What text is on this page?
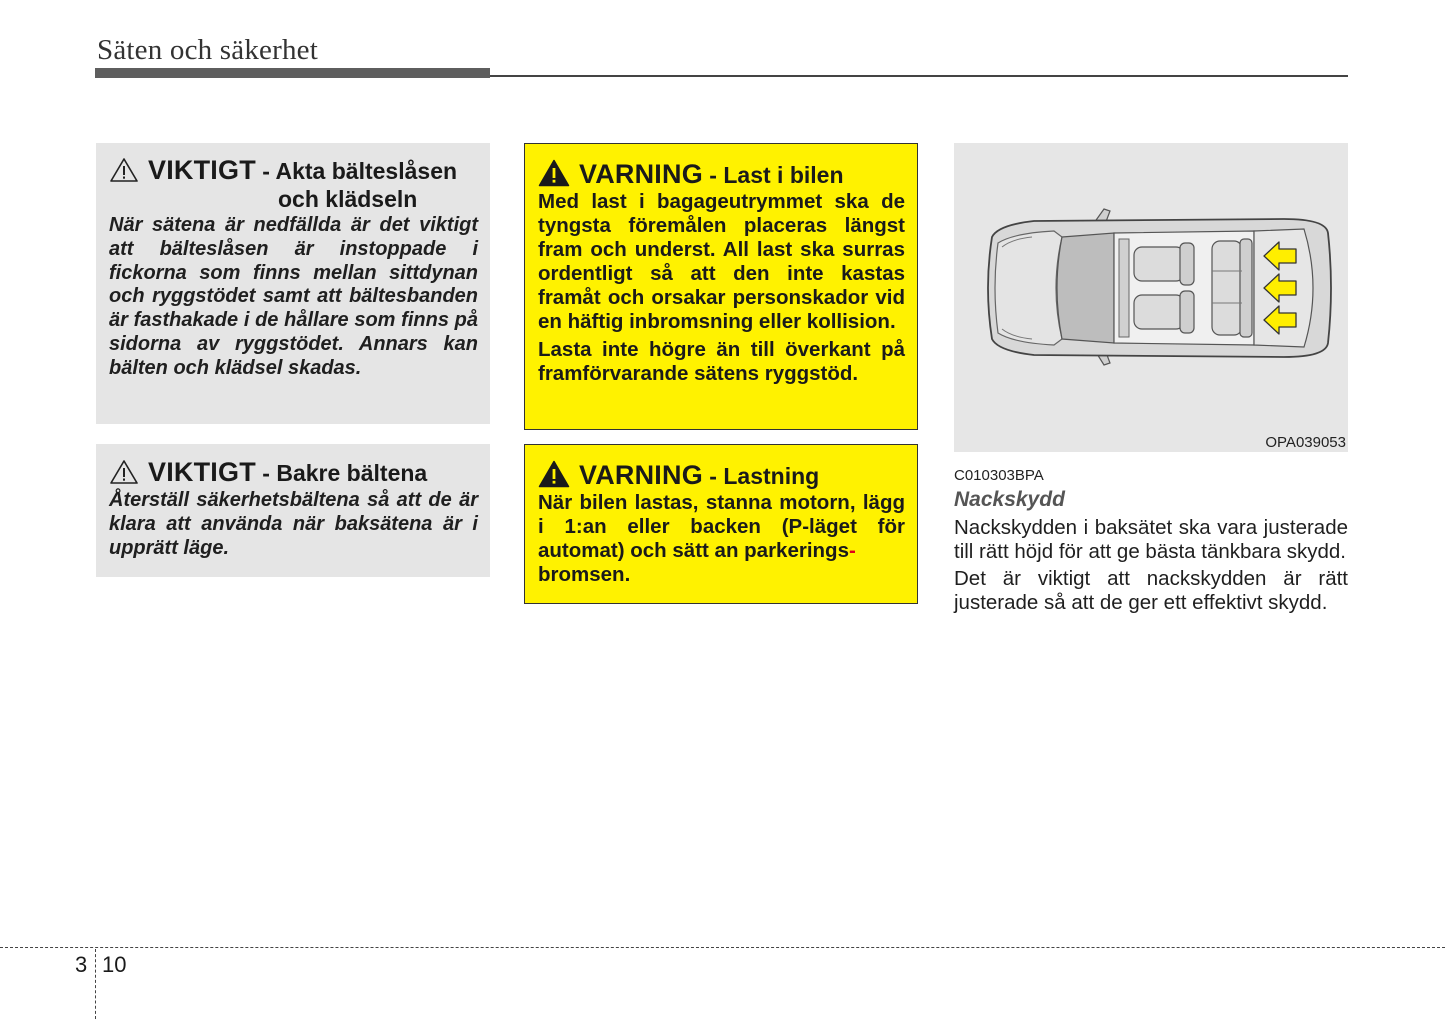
Säten och säkerhet
VIKTIGT - Akta bälteslåsen
och klädseln

När sätena är nedfällda är det viktigt att bälteslåsen är instoppade i fickorna som finns mellan sittdynan och ryggstödet samt att bältesbanden är fasthakade i de hållare som finns på sidorna av ryggstödet. Annars kan bälten och klädsel skadas.

VIKTIGT - Bakre bältena

Återställ säkerhetsbältena så att de är klara att använda när baksätena är i upprätt läge.

VARNING - Last i bilen

Med last i bagageutrymmet ska de tyngsta föremålen placeras längst fram och underst. All last ska surras ordentligt så att den inte kastas framåt och orsakar personskador vid en häftig inbromsning eller kollision.

Lasta inte högre än till överkant på framförvarande sätens ryggstöd.

VARNING - Lastning

När bilen lastas, stanna motorn, lägg i 1:an eller backen (P-läget för automat) och sätt an parkerings-
bromsen.

OPA039053
C010303BPA
Nackskydd

Nackskydden i baksätet ska vara justerade till rätt höjd för att ge bästa tänkbara skydd.

Det är viktigt att nackskydden är rätt justerade så att de ger ett effektivt skydd.

3 10
